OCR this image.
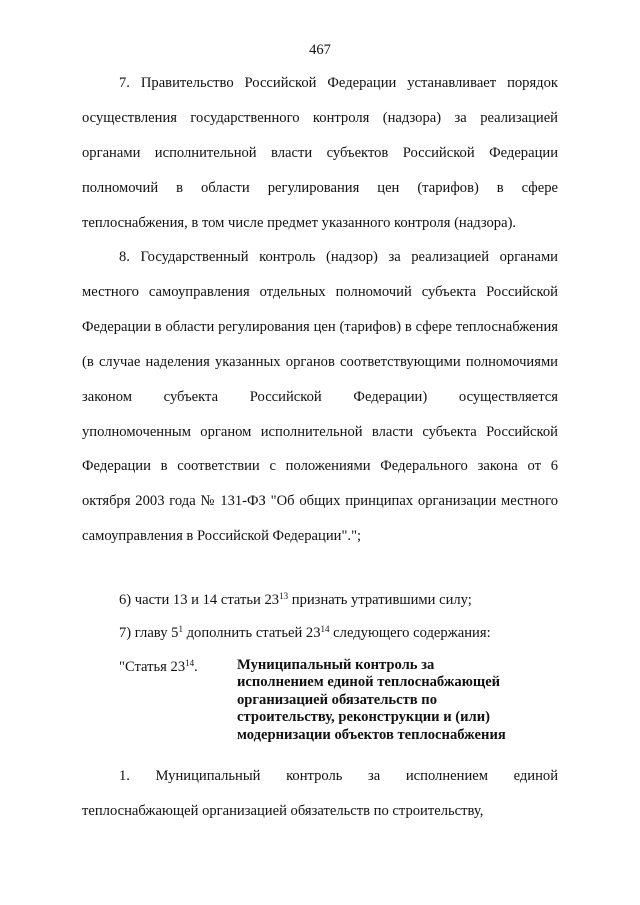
467

7. Правительство Российской Федерации устанавливает порядок осуществления государственного контроля (надзора) за реализацией органами исполнительной власти субъектов Российской Федерации полномочий в области регулирования цен (тарифов) в сфере теплоснабжения, в том числе предмет указанного контроля (надзора).

8. Государственный контроль (надзор) за реализацией органами местного самоуправления отдельных полномочий субъекта Российской Федерации в области регулирования цен (тарифов) в сфере теплоснабжения (в случае наделения указанных органов соответствующими полномочиями законом субъекта Российской Федерации) осуществляется уполномоченным органом исполнительной власти субъекта Российской Федерации в соответствии с положениями Федерального закона от 6 октября 2003 года № 131-ФЗ "Об общих принципах организации местного самоуправления в Российской Федерации".";

6) части 13 и 14 статьи $23^{13}$ признать утратившими силу;
7) главу $5^1$ дополнить статьей $23^{14}$ следующего содержания:
"Статья $23^{14}$.	Муниципальный контроль за
исполнением единой теплоснабжающей
организацией обязательств по
строительству, реконструкции и (или)
модернизации объектов теплоснабжения

1. Муниципальный контроль за исполнением единой теплоснабжающей организацией обязательств по строительству,
